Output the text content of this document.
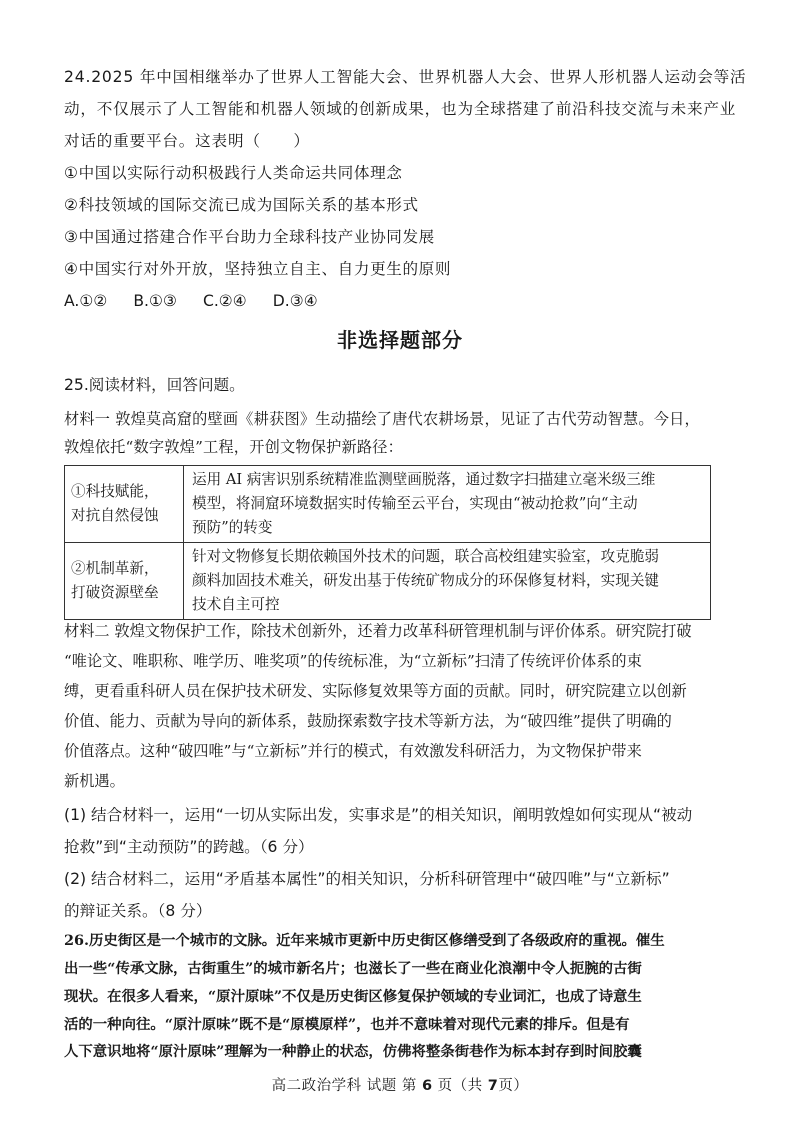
24.2025 年中国相继举办了世界人工智能大会、世界机器人大会、世界人形机器人运动会等活
动，不仅展示了人工智能和机器人领域的创新成果，也为全球搭建了前沿科技交流与未来产业
对话的重要平台。这表明（　　）
①中国以实际行动积极践行人类命运共同体理念
②科技领域的国际交流已成为国际关系的基本形式
③中国通过搭建合作平台助力全球科技产业协同发展
④中国实行对外开放，坚持独立自主、自力更生的原则
A.①② B.①③ C.②④ D.③④
非选择题部分
25.阅读材料，回答问题。
材料一 敦煌莫高窟的壁画《耕获图》生动描绘了唐代农耕场景，见证了古代劳动智慧。今日，
敦煌依托“数字敦煌”工程，开创文物保护新路径：
①科技赋能，
对抗自然侵蚀	运用 AI 病害识别系统精准监测壁画脱落，通过数字扫描建立毫米级三维
模型，将洞窟环境数据实时传输至云平台，实现由“被动抢救”向“主动
预防”的转变

②机制革新，
打破资源壁垒	针对文物修复长期依赖国外技术的问题，联合高校组建实验室，攻克脆弱
颜料加固技术难关，研发出基于传统矿物成分的环保修复材料，实现关键
技术自主可控
材料二 敦煌文物保护工作，除技术创新外，还着力改革科研管理机制与评价体系。研究院打破
“唯论文、唯职称、唯学历、唯奖项”的传统标准，为“立新标”扫清了传统评价体系的束
缚，更看重科研人员在保护技术研发、实际修复效果等方面的贡献。同时，研究院建立以创新
价值、能力、贡献为导向的新体系，鼓励探索数字技术等新方法，为“破四维”提供了明确的
价值落点。这种“破四唯”与“立新标”并行的模式，有效激发科研活力，为文物保护带来
新机遇。
(1) 结合材料一，运用“一切从实际出发，实事求是”的相关知识，阐明敦煌如何实现从“被动
抢救”到“主动预防”的跨越。（6 分）
(2) 结合材料二，运用“矛盾基本属性”的相关知识，分析科研管理中“破四唯”与“立新标”
的辩证关系。（8 分）
26.历史街区是一个城市的文脉。近年来城市更新中历史街区修缮受到了各级政府的重视。催生
出一些“传承文脉，古街重生”的城市新名片；也滋长了一些在商业化浪潮中令人扼腕的古街
现状。在很多人看来，“原汁原味”不仅是历史街区修复保护领域的专业词汇，也成了诗意生
活的一种向往。“原汁原味”既不是“原模原样”，也并不意味着对现代元素的排斥。但是有
高二政治学科 试题 第 6 页（共 7页）
人下意识地将“原汁原味”理解为一种静止的状态，仿佛将整条街巷作为标本封存到时间胶囊
